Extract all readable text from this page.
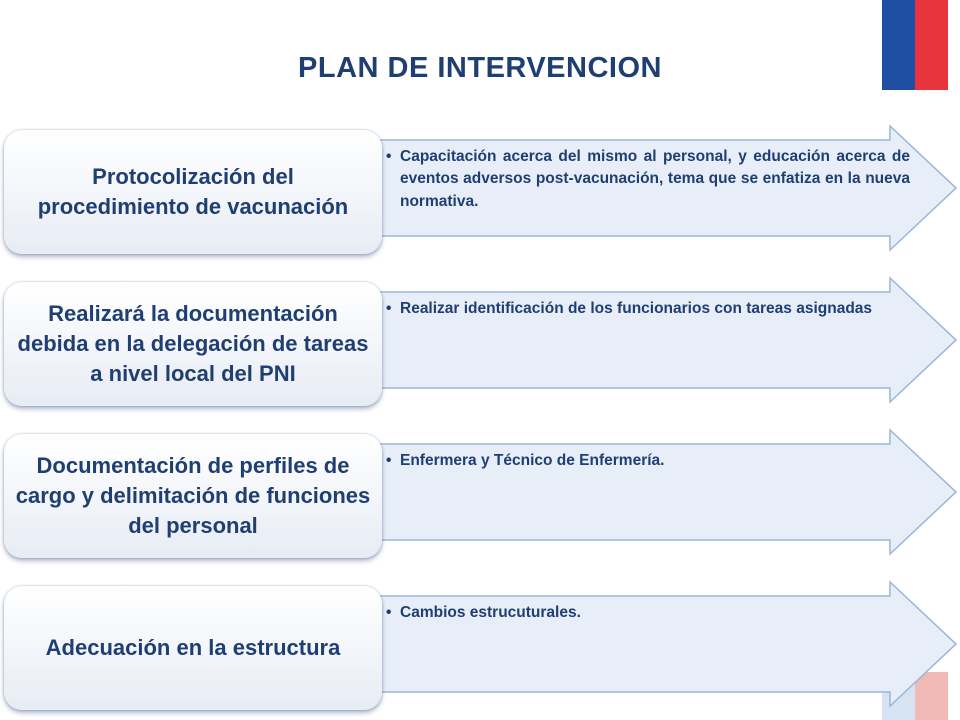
PLAN DE INTERVENCION
Protocolización del procedimiento de vacunación
• Capacitación acerca del mismo al personal, y educación acerca de eventos adversos post-vacunación, tema que se enfatiza en la nueva normativa.
Realizará la documentación debida en la delegación de tareas a nivel local del PNI
• Realizar identificación de los funcionarios con tareas asignadas
Documentación de perfiles de cargo y delimitación de funciones del personal
• Enfermera y Técnico de Enfermería.
Adecuación en la estructura
• Cambios estrucuturales.
